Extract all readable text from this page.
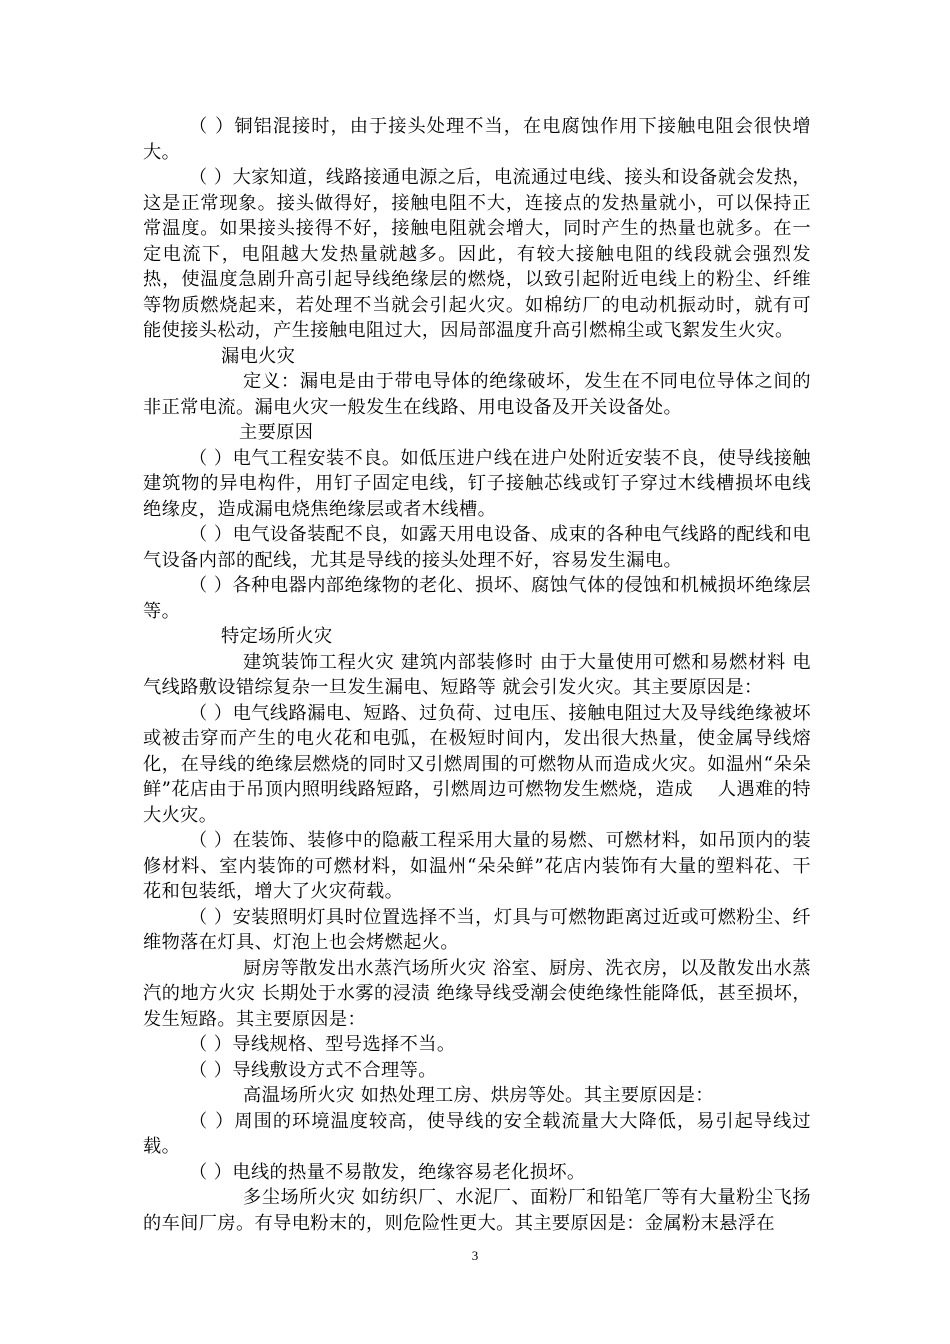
（ ）铜铝混接时，由于接头处理不当，在电腐蚀作用下接触电阻会很快增大。

（ ）大家知道，线路接通电源之后，电流通过电线、接头和设备就会发热，这是正常现象。接头做得好，接触电阻不大，连接点的发热量就小，可以保持正常温度。如果接头接得不好，接触电阻就会增大，同时产生的热量也就多。在一定电流下，电阻越大发热量就越多。因此，有较大接触电阻的线段就会强烈发热，使温度急剧升高引起导线绝缘层的燃烧，以致引起附近电线上的粉尘、纤维等物质燃烧起来，若处理不当就会引起火灾。如棉纺厂的电动机振动时，就有可能使接头松动，产生接触电阻过大，因局部温度升高引燃棉尘或飞絮发生火灾。

漏电火灾

定义：漏电是由于带电导体的绝缘破坏，发生在不同电位导体之间的非正常电流。漏电火灾一般发生在线路、用电设备及开关设备处。

主要原因

（ ）电气工程安装不良。如低压进户线在进户处附近安装不良，使导线接触建筑物的异电构件，用钉子固定电线，钉子接触芯线或钉子穿过木线槽损坏电线绝缘皮，造成漏电烧焦绝缘层或者木线槽。

（ ）电气设备装配不良，如露天用电设备、成束的各种电气线路的配线和电气设备内部的配线，尤其是导线的接头处理不好，容易发生漏电。

（ ）各种电器内部绝缘物的老化、损坏、腐蚀气体的侵蚀和机械损坏绝缘层等。

特定场所火灾

建筑装饰工程火灾 建筑内部装修时 由于大量使用可燃和易燃材料 电气线路敷设错综复杂一旦发生漏电、短路等 就会引发火灾。其主要原因是：

（ ）电气线路漏电、短路、过负荷、过电压、接触电阻过大及导线绝缘被坏或被击穿而产生的电火花和电弧，在极短时间内，发出很大热量，使金属导线熔化，在导线的绝缘层燃烧的同时又引燃周围的可燃物从而造成火灾。如温州“朵朵鲜”花店由于吊顶内照明线路短路，引燃周边可燃物发生燃烧，造成　 人遇难的特大火灾。

（ ）在装饰、装修中的隐蔽工程采用大量的易燃、可燃材料，如吊顶内的装修材料、室内装饰的可燃材料，如温州“朵朵鲜”花店内装饰有大量的塑料花、干花和包装纸，增大了火灾荷载。

（ ）安装照明灯具时位置选择不当，灯具与可燃物距离过近或可燃粉尘、纤维物落在灯具、灯泡上也会烤燃起火。

厨房等散发出水蒸汽场所火灾 浴室、厨房、洗衣房，以及散发出水蒸汽的地方火灾 长期处于水雾的浸渍 绝缘导线受潮会使绝缘性能降低，甚至损坏，发生短路。其主要原因是：

（ ）导线规格、型号选择不当。

（ ）导线敷设方式不合理等。

高温场所火灾 如热处理工房、烘房等处。其主要原因是：

（ ）周围的环境温度较高，使导线的安全载流量大大降低，易引起导线过载。

（ ）电线的热量不易散发，绝缘容易老化损坏。

多尘场所火灾 如纺织厂、水泥厂、面粉厂和铅笔厂等有大量粉尘飞扬的车间厂房。有导电粉末的，则危险性更大。其主要原因是：金属粉末悬浮在

3
